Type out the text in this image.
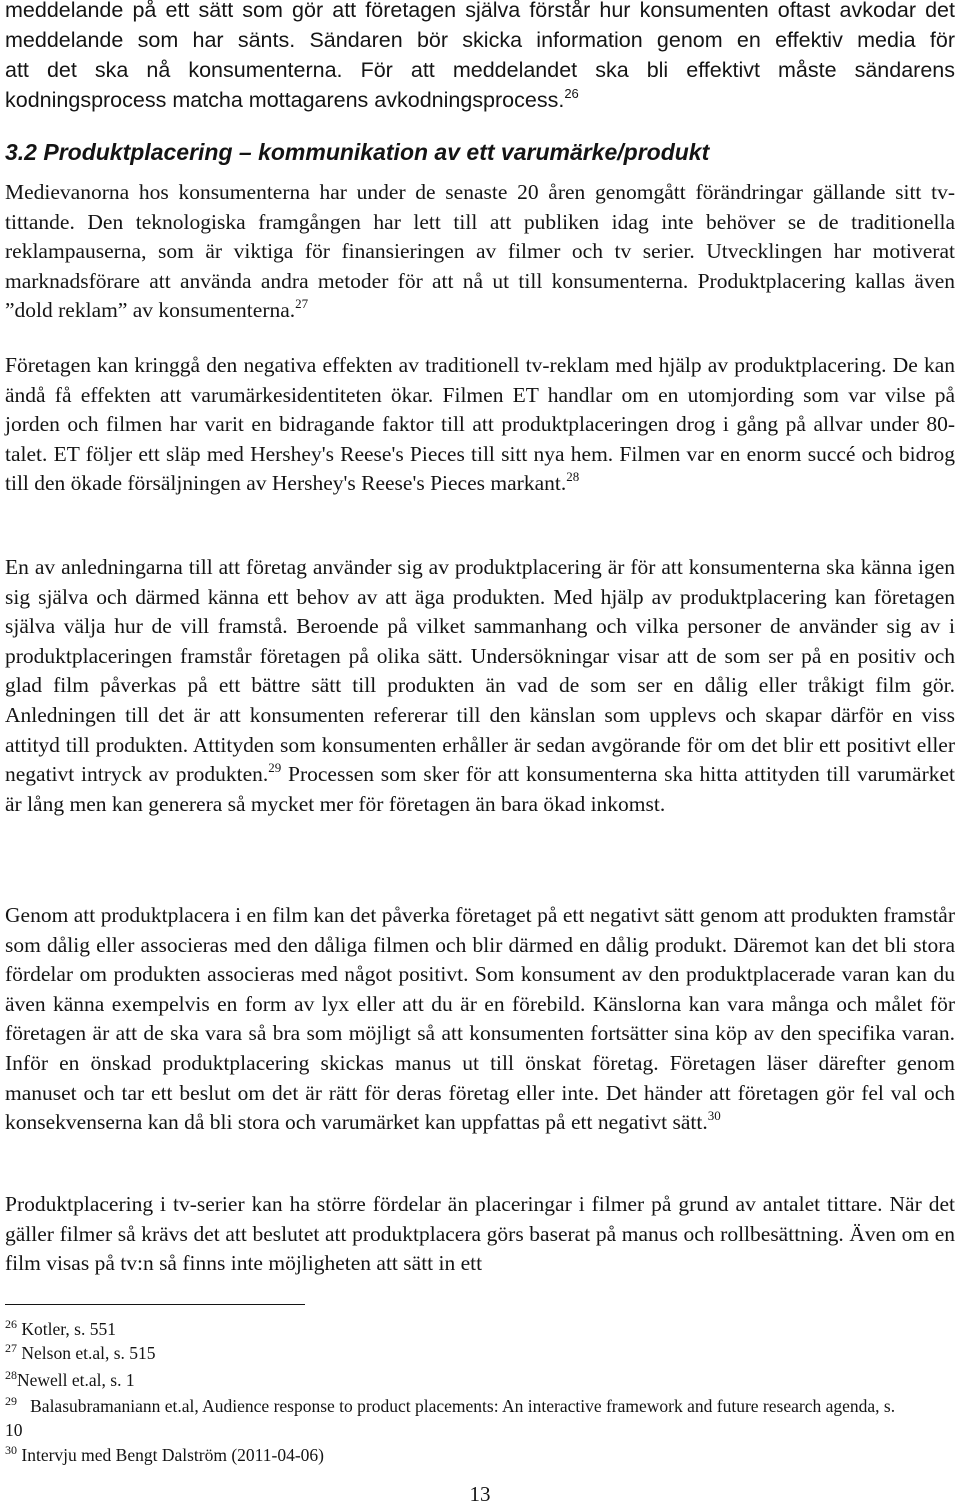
meddelande på ett sätt som gör att företagen själva förstår hur konsumenten oftast avkodar det
meddelande som har sänts. Sändaren bör skicka information genom en effektiv media för
att det ska nå konsumenterna. För att meddelandet ska bli effektivt måste sändarens
kodningsprocess matcha mottagarens avkodningsprocess.$^{26}$
3.2 Produktplacering – kommunikation av ett varumärke/produkt

Medievanorna hos konsumenterna har under de senaste 20 åren genomgått förändringar gällande sitt tv-tittande. Den teknologiska framgången har lett till att publiken idag inte behöver se de traditionella reklampauserna, som är viktiga för finansieringen av filmer och tv serier. Utvecklingen har motiverat marknadsförare att använda andra metoder för att nå ut till konsumenterna. Produktplacering kallas även ”dold reklam” av konsumenterna.$^{27}$

Företagen kan kringgå den negativa effekten av traditionell tv-reklam med hjälp av produktplacering. De kan ändå få effekten att varumärkesidentiteten ökar. Filmen ET handlar om en utomjording som var vilse på jorden och filmen har varit en bidragande faktor till att produktplaceringen drog i gång på allvar under 80-talet. ET följer ett släp med Hershey's Reese's Pieces till sitt nya hem. Filmen var en enorm succé och bidrog till den ökade försäljningen av Hershey's Reese's Pieces markant.$^{28}$

En av anledningarna till att företag använder sig av produktplacering är för att konsumenterna ska känna igen sig själva och därmed känna ett behov av att äga produkten. Med hjälp av produktplacering kan företagen själva välja hur de vill framstå. Beroende på vilket sammanhang och vilka personer de använder sig av i produktplaceringen framstår företagen på olika sätt. Undersökningar visar att de som ser på en positiv och glad film påverkas på ett bättre sätt till produkten än vad de som ser en dålig eller tråkigt film gör. Anledningen till det är att konsumenten refererar till den känslan som upplevs och skapar därför en viss attityd till produkten. Attityden som konsumenten erhåller är sedan avgörande för om det blir ett positivt eller negativt intryck av produkten.$^{29}$ Processen som sker för att konsumenterna ska hitta attityden till varumärket är lång men kan generera så mycket mer för företagen än bara ökad inkomst.

Genom att produktplacera i en film kan det påverka företaget på ett negativt sätt genom att produkten framstår som dålig eller associeras med den dåliga filmen och blir därmed en dålig produkt. Däremot kan det bli stora fördelar om produkten associeras med något positivt. Som konsument av den produktplacerade varan kan du även känna exempelvis en form av lyx eller att du är en förebild. Känslorna kan vara många och målet för företagen är att de ska vara så bra som möjligt så att konsumenten fortsätter sina köp av den specifika varan. Inför en önskad produktplacering skickas manus ut till önskat företag. Företagen läser därefter genom manuset och tar ett beslut om det är rätt för deras företag eller inte. Det händer att företagen gör fel val och konsekvenserna kan då bli stora och varumärket kan uppfattas på ett negativt sätt.$^{30}$

Produktplacering i tv-serier kan ha större fördelar än placeringar i filmer på grund av antalet tittare. När det gäller filmer så krävs det att beslutet att produktplacera görs baserat på manus och rollbesättning. Även om en film visas på tv:n så finns inte möjligheten att sätt in ett

$^{26}$ Kotler, s. 551
$^{27}$ Nelson et.al, s. 515
$^{28}$Newell et.al, s. 1
$^{29}$ Balasubramaniann et.al, Audience response to product placements: An interactive framework and future research agenda, s. 10
$^{30}$ Intervju med Bengt Dalström (2011-04-06)
13
